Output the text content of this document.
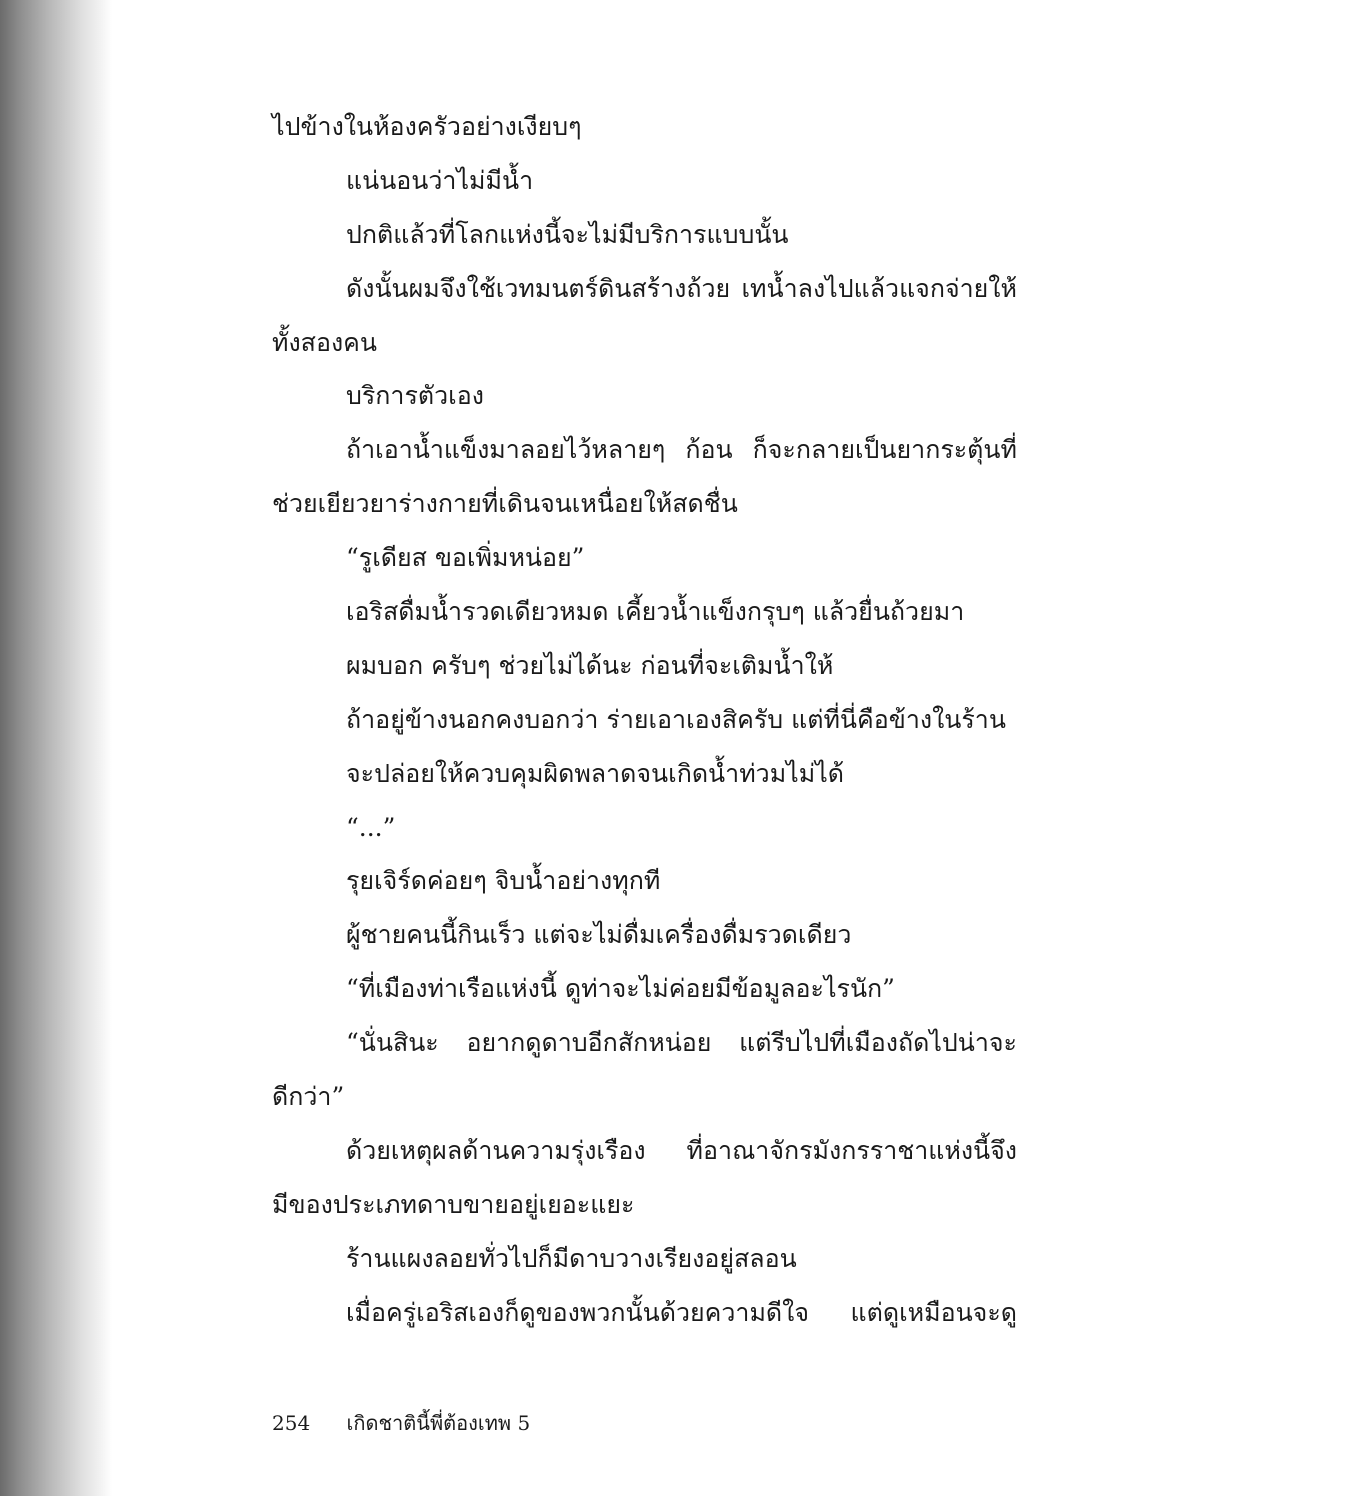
ไปข้างในห้องครัวอย่างเงียบๆ
แน่นอนว่าไม่มีน้ำ
ปกติแล้วที่โลกแห่งนี้จะไม่มีบริการแบบนั้น
ดังนั้นผมจึงใช้เวทมนตร์ดินสร้างถ้วย เทน้ำลงไปแล้วแจกจ่ายให้
ทั้งสองคน
บริการตัวเอง
ถ้าเอาน้ำแข็งมาลอยไว้หลายๆ ก้อน ก็จะกลายเป็นยากระตุ้นที่
ช่วยเยียวยาร่างกายที่เดินจนเหนื่อยให้สดชื่น
“รูเดียส ขอเพิ่มหน่อย”
เอริสดื่มน้ำรวดเดียวหมด เคี้ยวน้ำแข็งกรุบๆ แล้วยื่นถ้วยมา
ผมบอก ครับๆ ช่วยไม่ได้นะ ก่อนที่จะเติมน้ำให้
ถ้าอยู่ข้างนอกคงบอกว่า ร่ายเอาเองสิครับ แต่ที่นี่คือข้างในร้าน
จะปล่อยให้ควบคุมผิดพลาดจนเกิดน้ำท่วมไม่ได้
“...”
รุยเจิร์ดค่อยๆ จิบน้ำอย่างทุกที
ผู้ชายคนนี้กินเร็ว แต่จะไม่ดื่มเครื่องดื่มรวดเดียว
“ที่เมืองท่าเรือแห่งนี้ ดูท่าจะไม่ค่อยมีข้อมูลอะไรนัก”
“นั่นสินะ อยากดูดาบอีกสักหน่อย แต่รีบไปที่เมืองถัดไปน่าจะ
ดีกว่า”
ด้วยเหตุผลด้านความรุ่งเรือง ที่อาณาจักรมังกรราชาแห่งนี้จึง
มีของประเภทดาบขายอยู่เยอะแยะ
ร้านแผงลอยทั่วไปก็มีดาบวางเรียงอยู่สลอน
เมื่อครู่เอริสเองก็ดูของพวกนั้นด้วยความดีใจ แต่ดูเหมือนจะดู
254 เกิดชาตินี้พี่ต้องเทพ 5
